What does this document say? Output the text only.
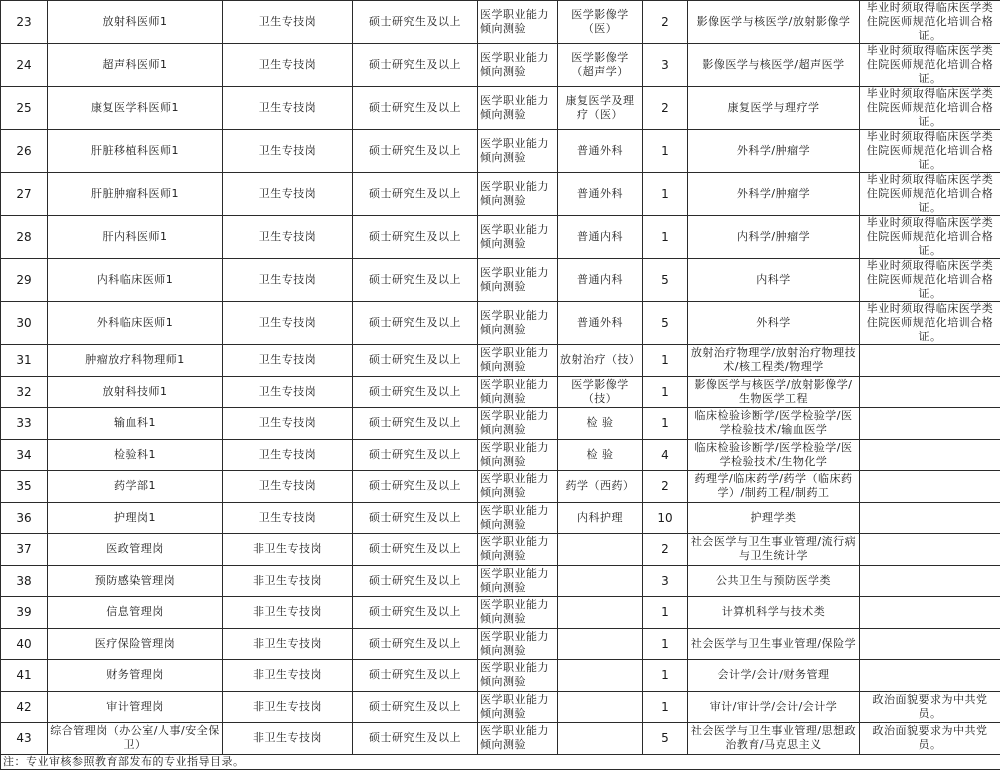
23	放射科医师1	卫生专技岗	硕士研究生及以上	医学职业能力倾向测验	医学影像学（医）	2	影像医学与核医学/放射影像学	毕业时须取得临床医学类住院医师规范化培训合格证。
24	超声科医师1	卫生专技岗	硕士研究生及以上	医学职业能力倾向测验	医学影像学（超声学）	3	影像医学与核医学/超声医学	毕业时须取得临床医学类住院医师规范化培训合格证。
25	康复医学科医师1	卫生专技岗	硕士研究生及以上	医学职业能力倾向测验	康复医学及理疗（医）	2	康复医学与理疗学	毕业时须取得临床医学类住院医师规范化培训合格证。
26	肝脏移植科医师1	卫生专技岗	硕士研究生及以上	医学职业能力倾向测验	普通外科	1	外科学/肿瘤学	毕业时须取得临床医学类住院医师规范化培训合格证。
27	肝脏肿瘤科医师1	卫生专技岗	硕士研究生及以上	医学职业能力倾向测验	普通外科	1	外科学/肿瘤学	毕业时须取得临床医学类住院医师规范化培训合格证。
28	肝内科医师1	卫生专技岗	硕士研究生及以上	医学职业能力倾向测验	普通内科	1	内科学/肿瘤学	毕业时须取得临床医学类住院医师规范化培训合格证。
29	内科临床医师1	卫生专技岗	硕士研究生及以上	医学职业能力倾向测验	普通内科	5	内科学	毕业时须取得临床医学类住院医师规范化培训合格证。
30	外科临床医师1	卫生专技岗	硕士研究生及以上	医学职业能力倾向测验	普通外科	5	外科学	毕业时须取得临床医学类住院医师规范化培训合格证。
31	肿瘤放疗科物理师1	卫生专技岗	硕士研究生及以上	医学职业能力倾向测验	放射治疗（技）	1	放射治疗物理学/放射治疗物理技术/核工程类/物理学	
32	放射科技师1	卫生专技岗	硕士研究生及以上	医学职业能力倾向测验	医学影像学（技）	1	影像医学与核医学/放射影像学/生物医学工程	
33	输血科1	卫生专技岗	硕士研究生及以上	医学职业能力倾向测验	检 验	1	临床检验诊断学/医学检验学/医学检验技术/输血医学	
34	检验科1	卫生专技岗	硕士研究生及以上	医学职业能力倾向测验	检 验	4	临床检验诊断学/医学检验学/医学检验技术/生物化学	
35	药学部1	卫生专技岗	硕士研究生及以上	医学职业能力倾向测验	药学（西药）	2	药理学/临床药学/药学（临床药学）/制药工程/制药工	
36	护理岗1	卫生专技岗	硕士研究生及以上	医学职业能力倾向测验	内科护理	10	护理学类	
37	医政管理岗	非卫生专技岗	硕士研究生及以上	医学职业能力倾向测验		2	社会医学与卫生事业管理/流行病与卫生统计学	
38	预防感染管理岗	非卫生专技岗	硕士研究生及以上	医学职业能力倾向测验		3	公共卫生与预防医学类	
39	信息管理岗	非卫生专技岗	硕士研究生及以上	医学职业能力倾向测验		1	计算机科学与技术类	
40	医疗保险管理岗	非卫生专技岗	硕士研究生及以上	医学职业能力倾向测验		1	社会医学与卫生事业管理/保险学	
41	财务管理岗	非卫生专技岗	硕士研究生及以上	医学职业能力倾向测验		1	会计学/会计/财务管理	
42	审计管理岗	非卫生专技岗	硕士研究生及以上	医学职业能力倾向测验		1	审计/审计学/会计/会计学	政治面貌要求为中共党员。
43	综合管理岗（办公室/人事/安全保卫）	非卫生专技岗	硕士研究生及以上	医学职业能力倾向测验		5	社会医学与卫生事业管理/思想政治教育/马克思主义	政治面貌要求为中共党员。
注：专业审核参照教育部发布的专业指导目录。								
